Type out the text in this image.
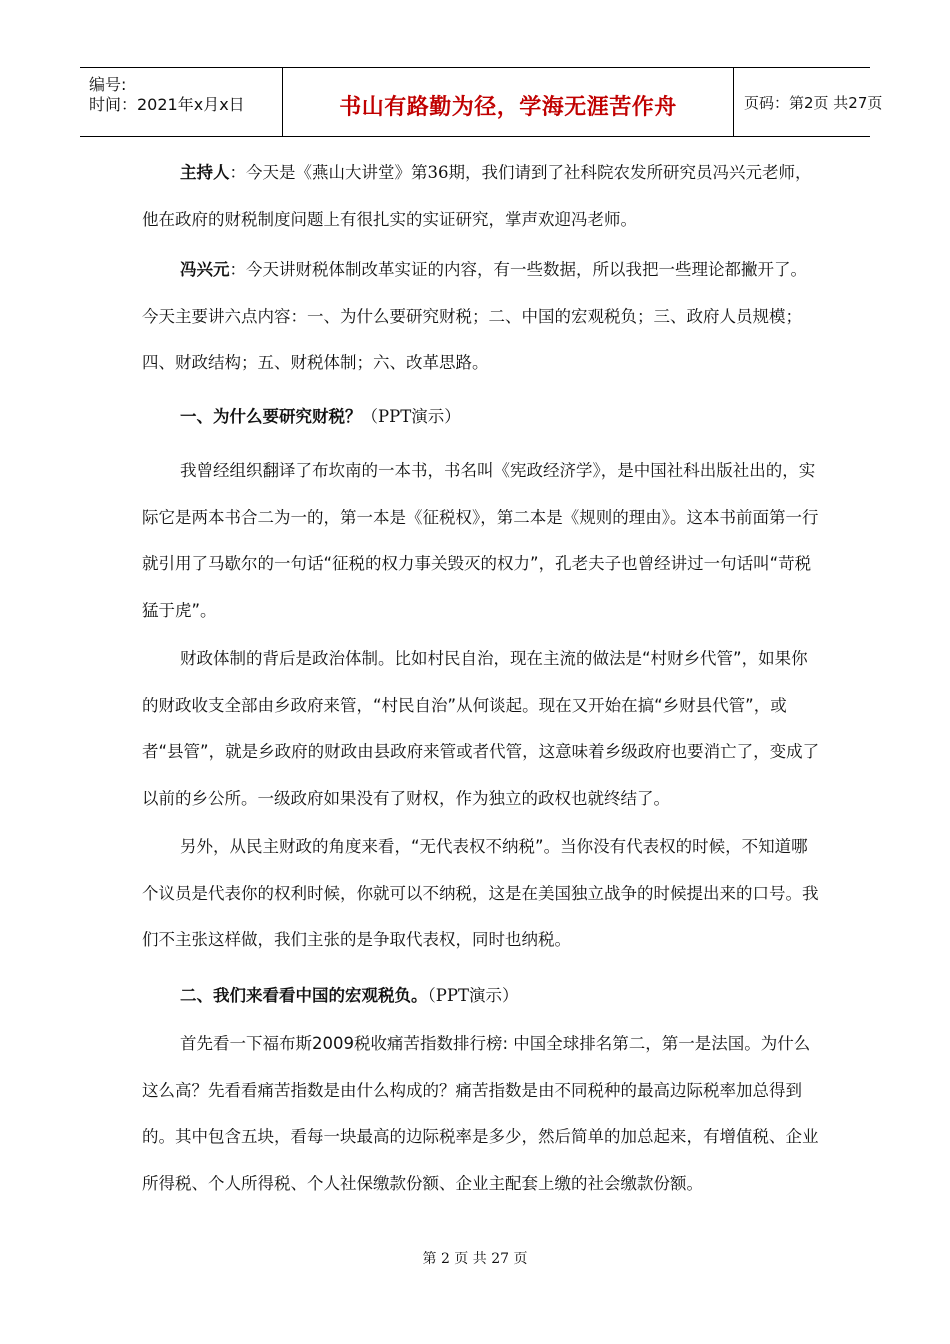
编号:
时间：2021年x月x日	书山有路勤为径，学海无涯苦作舟	页码：第2页 共27页

主持人：今天是《燕山大讲堂》第36期，我们请到了社科院农发所研究员冯兴元老师，他在政府的财税制度问题上有很扎实的实证研究，掌声欢迎冯老师。

冯兴元：今天讲财税体制改革实证的内容，有一些数据，所以我把一些理论都撇开了。今天主要讲六点内容：一、为什么要研究财税；二、中国的宏观税负；三、政府人员规模；四、财政结构；五、财税体制；六、改革思路。

一、为什么要研究财税？（PPT演示）

我曾经组织翻译了布坎南的一本书，书名叫《宪政经济学》，是中国社科出版社出的，实际它是两本书合二为一的，第一本是《征税权》，第二本是《规则的理由》。这本书前面第一行就引用了马歇尔的一句话“征税的权力事关毁灭的权力”，孔老夫子也曾经讲过一句话叫“苛税猛于虎”。

财政体制的背后是政治体制。比如村民自治，现在主流的做法是“村财乡代管”，如果你的财政收支全部由乡政府来管，“村民自治”从何谈起。现在又开始在搞“乡财县代管”，或者“县管”，就是乡政府的财政由县政府来管或者代管，这意味着乡级政府也要消亡了，变成了以前的乡公所。一级政府如果没有了财权，作为独立的政权也就终结了。

另外，从民主财政的角度来看，“无代表权不纳税”。当你没有代表权的时候，不知道哪个议员是代表你的权利时候，你就可以不纳税，这是在美国独立战争的时候提出来的口号。我们不主张这样做，我们主张的是争取代表权，同时也纳税。

二、我们来看看中国的宏观税负。（PPT演示）

首先看一下福布斯2009税收痛苦指数排行榜: 中国全球排名第二，第一是法国。为什么这么高？先看看痛苦指数是由什么构成的？痛苦指数是由不同税种的最高边际税率加总得到的。其中包含五块，看每一块最高的边际税率是多少，然后简单的加总起来，有增值税、企业所得税、个人所得税、个人社保缴款份额、企业主配套上缴的社会缴款份额。

第 2 页 共 27 页
